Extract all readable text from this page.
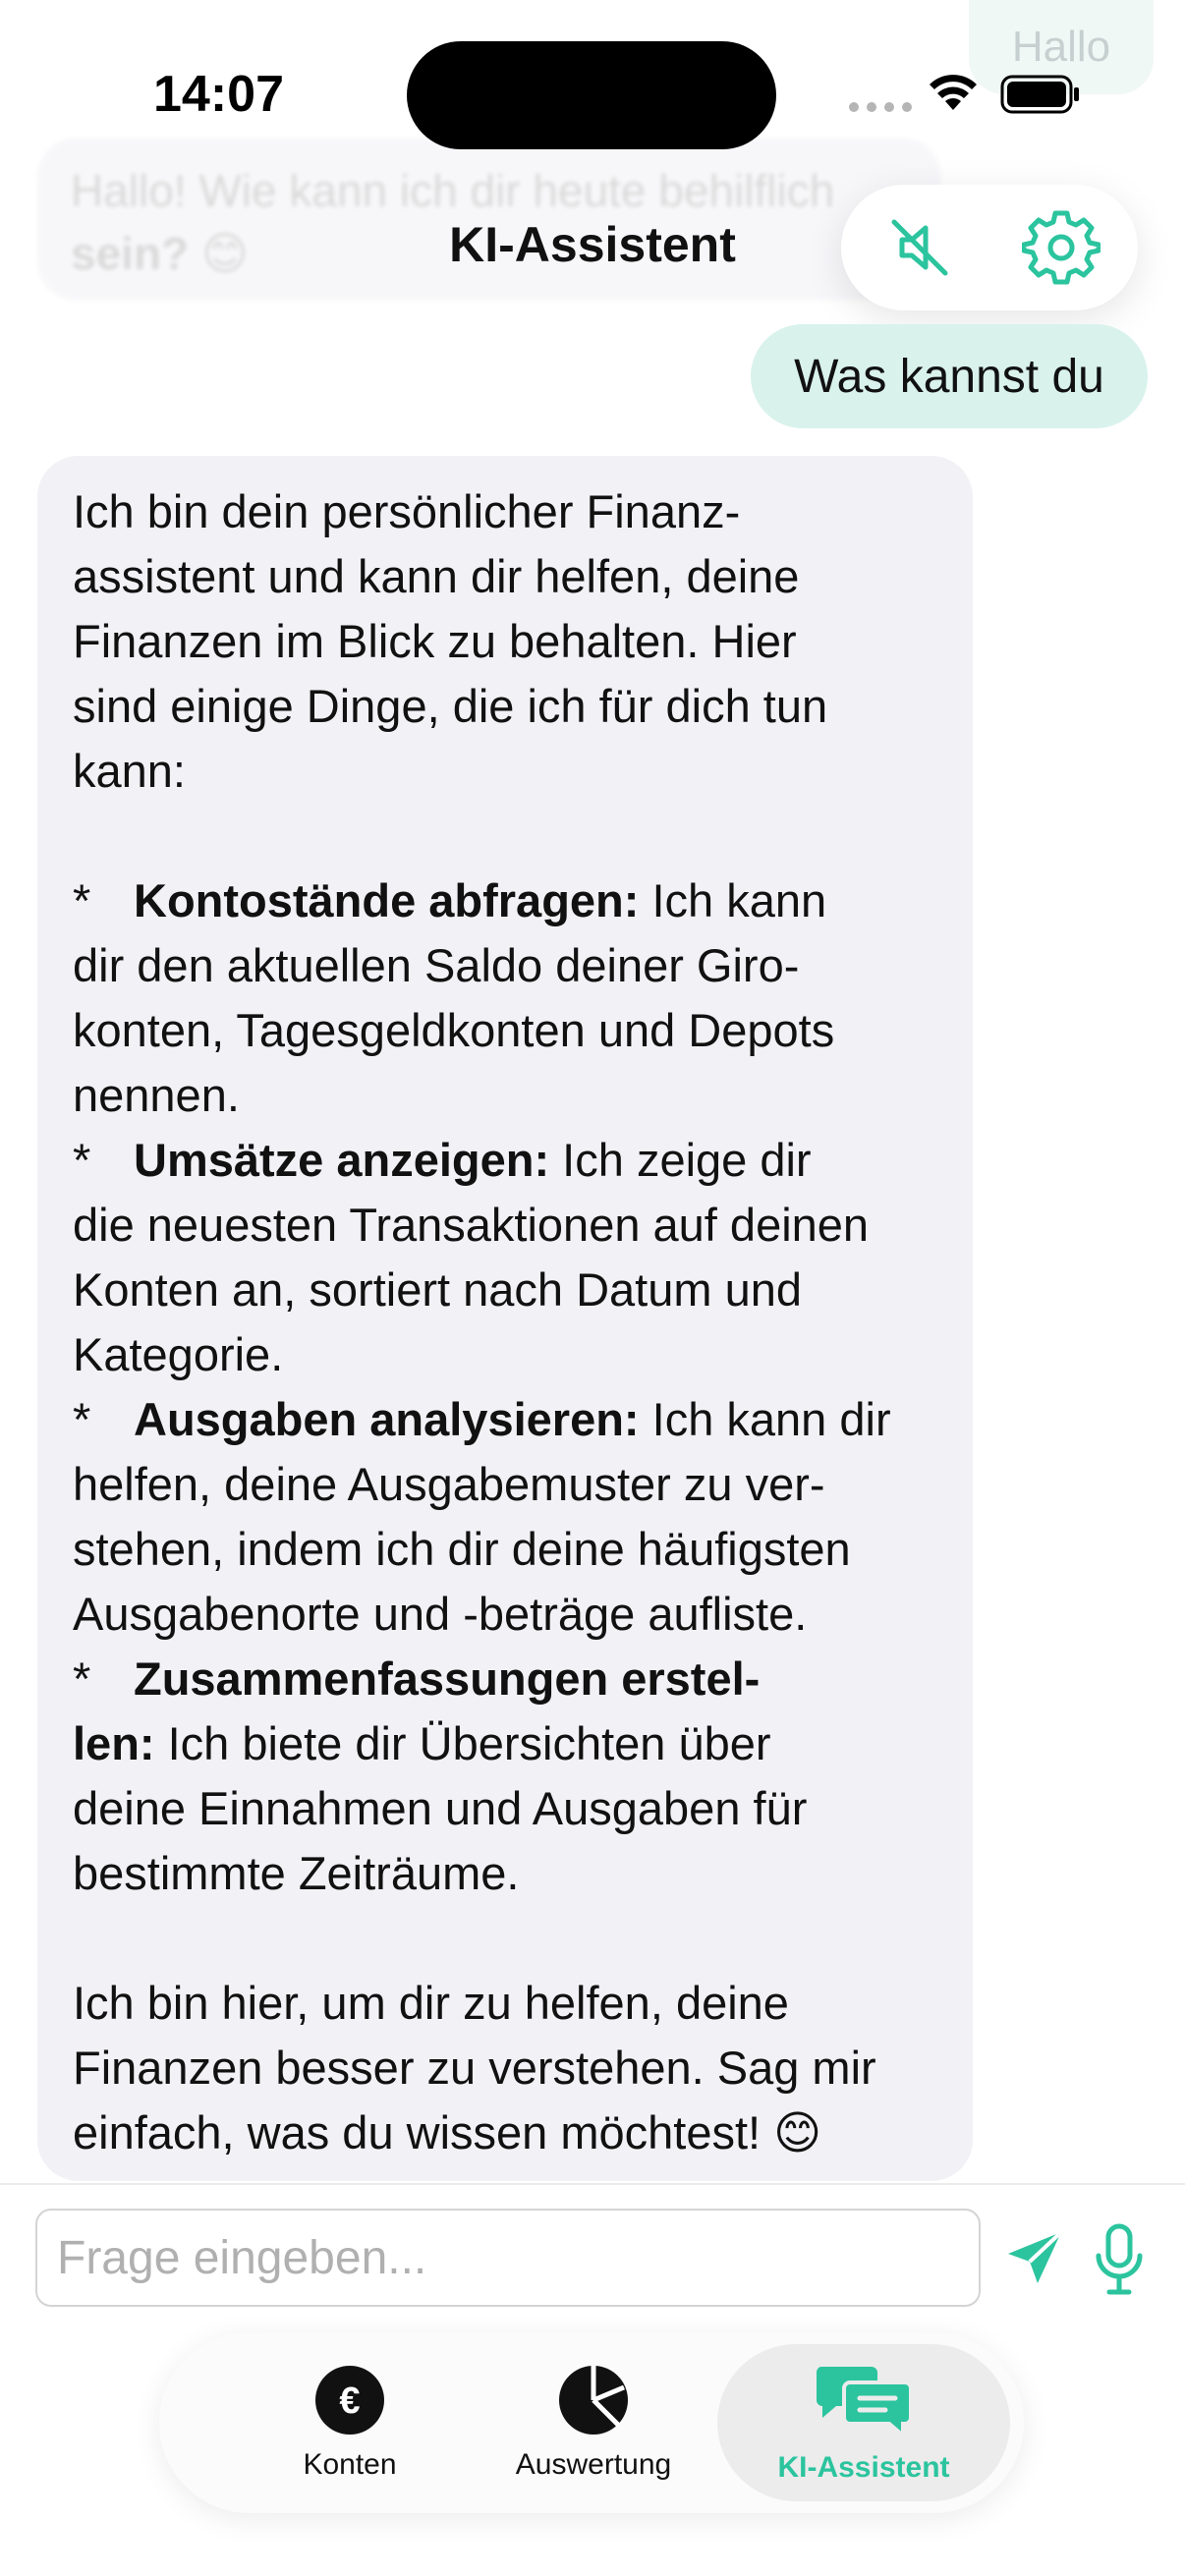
Hallo
Hallo! Wie kann ich dir heute behilflich
sein? 😊
14:07
KI-Assistent
Was kannst du
Ich bin dein persönlicher Finanz-
assistent und kann dir helfen, deine
Finanzen im Blick zu behalten. Hier
sind einige Dinge, die ich für dich tun
kann:
* Kontostände abfragen: Ich kann
dir den aktuellen Saldo deiner Giro-
konten, Tagesgeldkonten und Depots
nennen.
* Umsätze anzeigen: Ich zeige dir
die neuesten Transaktionen auf deinen
Konten an, sortiert nach Datum und
Kategorie.
* Ausgaben analysieren: Ich kann dir
helfen, deine Ausgabemuster zu ver-
stehen, indem ich dir deine häufigsten
Ausgabenorte und -beträge aufliste.
* Zusammenfassungen erstel-
len: Ich biete dir Übersichten über
deine Einnahmen und Ausgaben für
bestimmte Zeiträume.
Ich bin hier, um dir zu helfen, deine
Finanzen besser zu verstehen. Sag mir
einfach, was du wissen möchtest! 😊
Frage eingeben...
€
Konten	Auswertung	KI-Assistent
